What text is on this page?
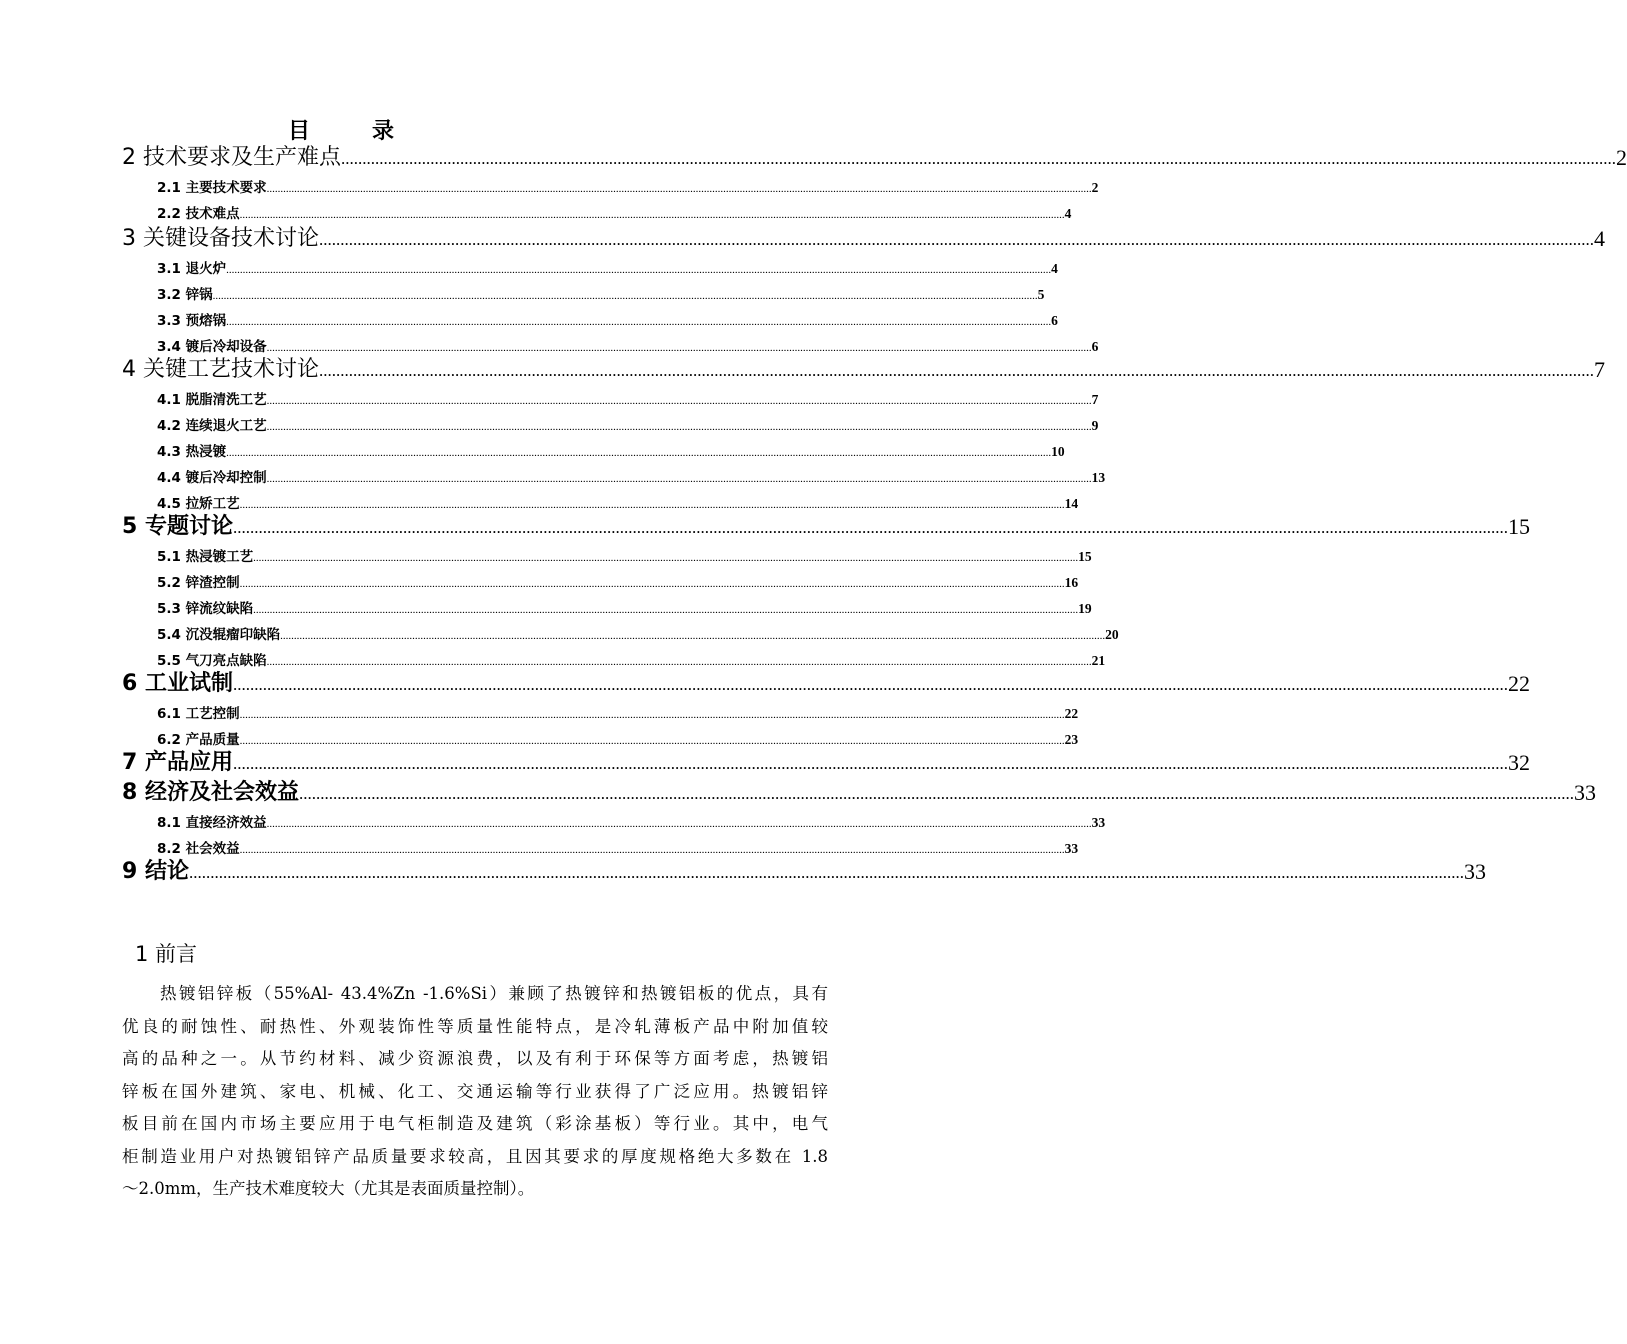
目　录
2 技术要求及生产难点 ............................................................................................................................................................................................................................................................................................................ 2
2.1 主要技术要求 ............................................................................................................................................................................................................................................................................................................ 2
2.2 技术难点 ............................................................................................................................................................................................................................................................................................................ 4
3 关键设备技术讨论 ............................................................................................................................................................................................................................................................................................................ 4
3.1 退火炉 ............................................................................................................................................................................................................................................................................................................ 4
3.2 锌锅 ............................................................................................................................................................................................................................................................................................................ 5
3.3 预熔锅 ............................................................................................................................................................................................................................................................................................................ 6
3.4 镀后冷却设备 ............................................................................................................................................................................................................................................................................................................ 6
4 关键工艺技术讨论 ............................................................................................................................................................................................................................................................................................................ 7
4.1 脱脂清洗工艺 ............................................................................................................................................................................................................................................................................................................ 7
4.2 连续退火工艺 ............................................................................................................................................................................................................................................................................................................ 9
4.3 热浸镀 ............................................................................................................................................................................................................................................................................................................ 10
4.4 镀后冷却控制 ............................................................................................................................................................................................................................................................................................................ 13
4.5 拉矫工艺 ............................................................................................................................................................................................................................................................................................................ 14
5 专题讨论 ............................................................................................................................................................................................................................................................................................................ 15
5.1 热浸镀工艺 ............................................................................................................................................................................................................................................................................................................ 15
5.2 锌渣控制 ............................................................................................................................................................................................................................................................................................................ 16
5.3 锌流纹缺陷 ............................................................................................................................................................................................................................................................................................................ 19
5.4 沉没辊瘤印缺陷 ............................................................................................................................................................................................................................................................................................................ 20
5.5 气刀亮点缺陷 ............................................................................................................................................................................................................................................................................................................ 21
6 工业试制 ............................................................................................................................................................................................................................................................................................................ 22
6.1 工艺控制 ............................................................................................................................................................................................................................................................................................................ 22
6.2 产品质量 ............................................................................................................................................................................................................................................................................................................ 23
7 产品应用 ............................................................................................................................................................................................................................................................................................................ 32
8 经济及社会效益 ............................................................................................................................................................................................................................................................................................................ 33
8.1 直接经济效益 ............................................................................................................................................................................................................................................................................................................ 33
8.2 社会效益 ............................................................................................................................................................................................................................................................................................................ 33
9 结论 ............................................................................................................................................................................................................................................................................................................ 33
1 前言
热镀铝锌板（55%Al- 43.4%Zn -1.6%Si）兼顾了热镀锌和热镀铝板的优点，具有
优良的耐蚀性、耐热性、外观装饰性等质量性能特点，是冷轧薄板产品中附加值较
高的品种之一。从节约材料、减少资源浪费，以及有利于环保等方面考虑，热镀铝
锌板在国外建筑、家电、机械、化工、交通运输等行业获得了广泛应用。热镀铝锌
板目前在国内市场主要应用于电气柜制造及建筑（彩涂基板）等行业。其中，电气
柜制造业用户对热镀铝锌产品质量要求较高，且因其要求的厚度规格绝大多数在 1.8
～2.0mm，生产技术难度较大（尤其是表面质量控制）。
